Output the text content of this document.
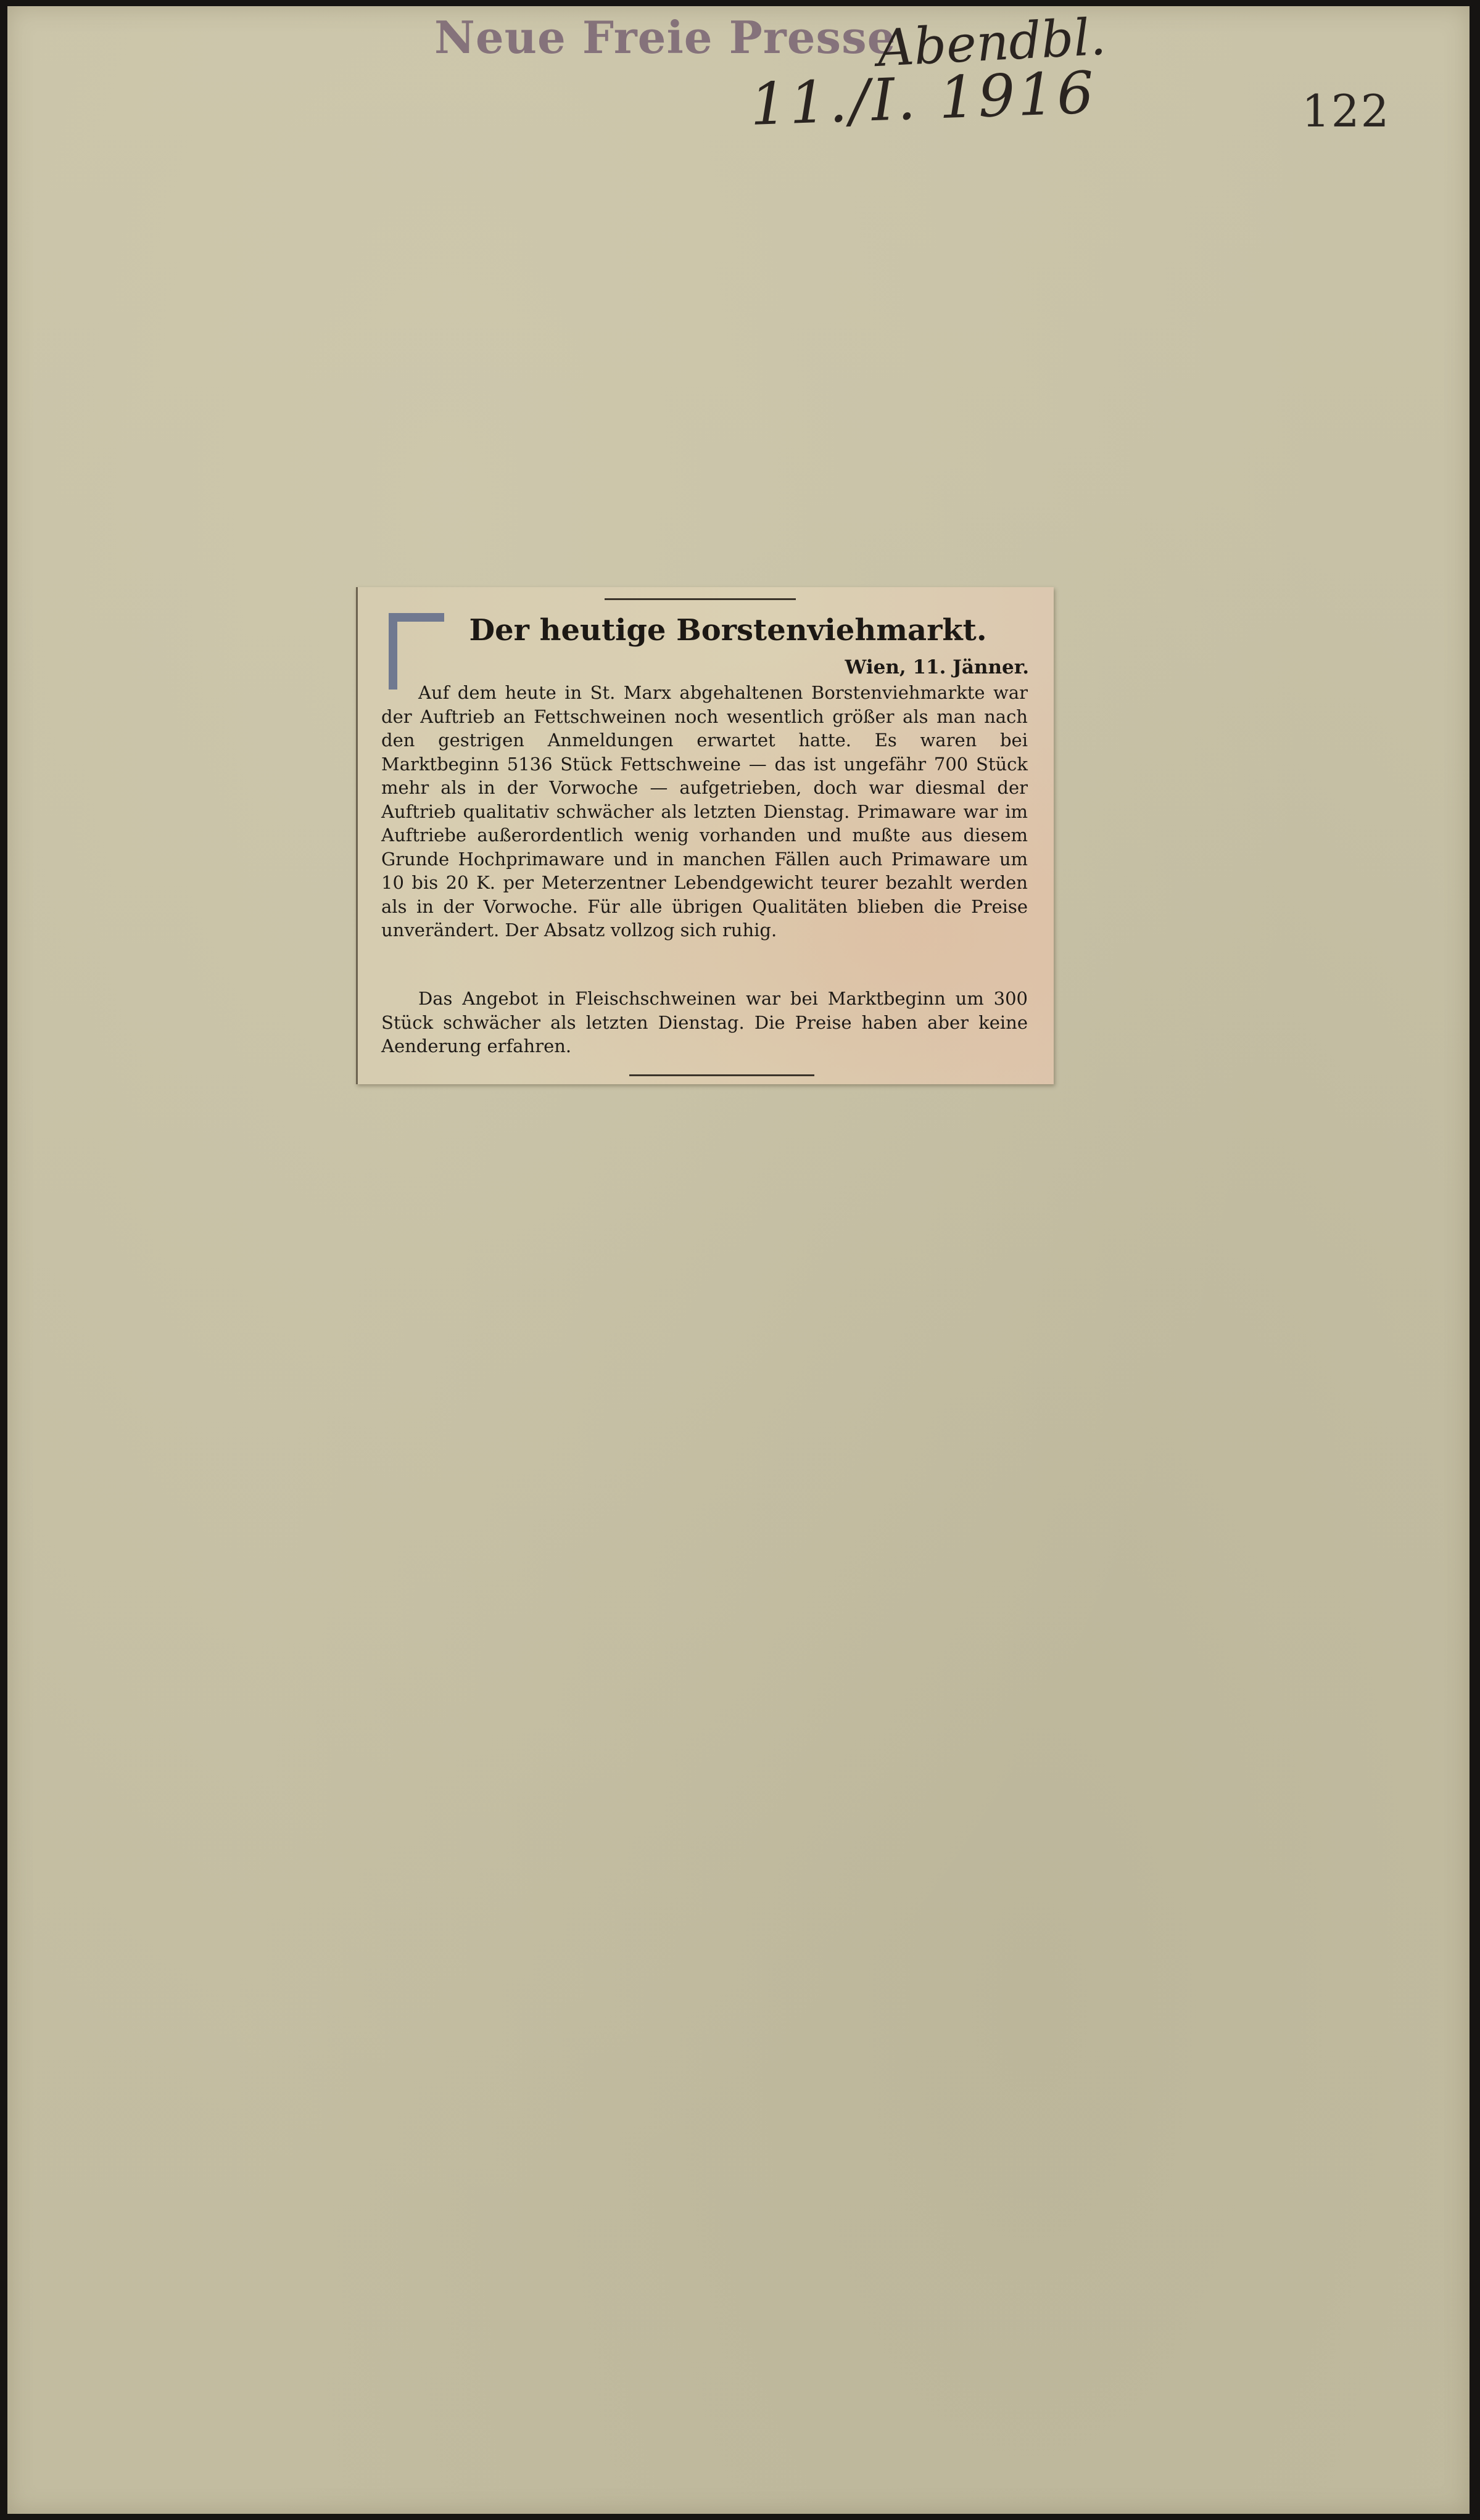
Neue Freie Presse
Abendbl.
11./I. 1916	122
Der heutige Borstenviehmarkt.
Wien, 11. Jänner.

Auf dem heute in St. Marx abgehaltenen Borstenviehmarkte war der Auftrieb an Fettschweinen noch wesentlich größer als man nach den gestrigen Anmeldungen erwartet hatte. Es waren bei Marktbeginn 5136 Stück Fettschweine — das ist ungefähr 700 Stück mehr als in der Vorwoche — aufgetrieben, doch war diesmal der Auftrieb qualitativ schwächer als letzten Dienstag. Primaware war im Auftriebe außerordentlich wenig vorhanden und mußte aus diesem Grunde Hochprimaware und in manchen Fällen auch Primaware um 10 bis 20 K. per Meterzentner Lebendgewicht teurer bezahlt werden als in der Vorwoche. Für alle übrigen Qualitäten blieben die Preise unverändert. Der Absatz vollzog sich ruhig.

Das Angebot in Fleischschweinen war bei Marktbeginn um 300 Stück schwächer als letzten Dienstag. Die Preise haben aber keine Aenderung erfahren.
